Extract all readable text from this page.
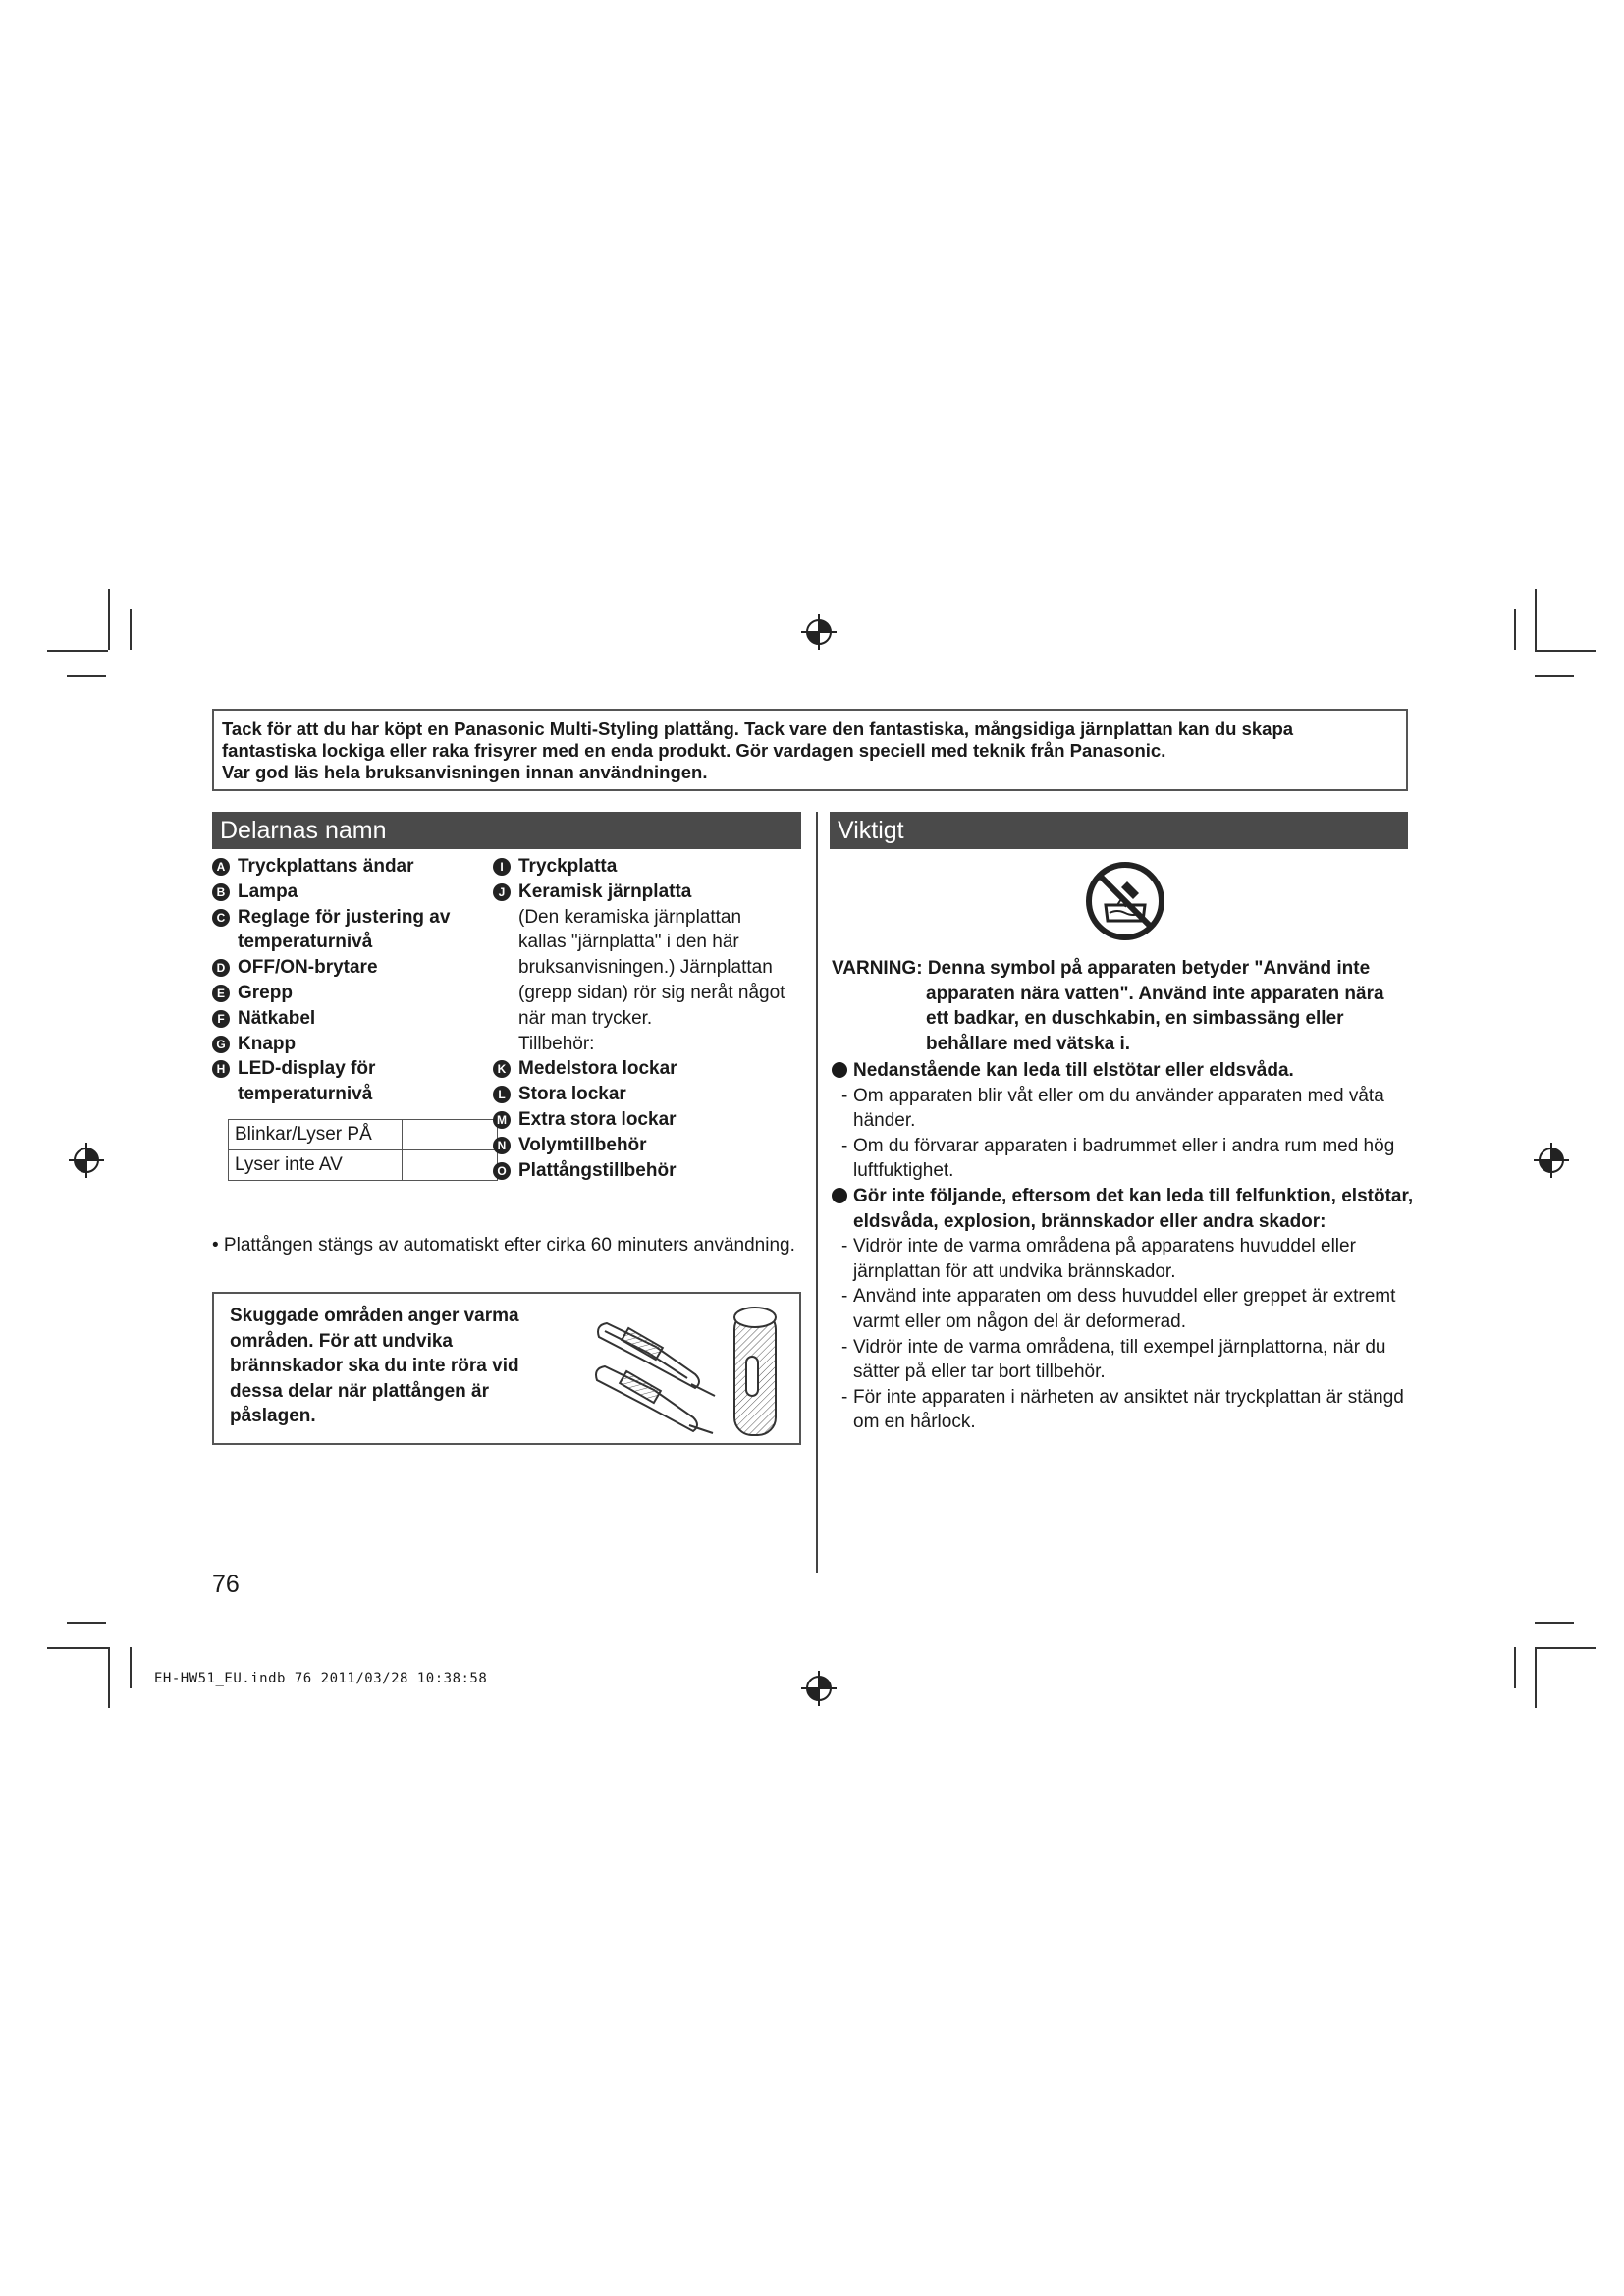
Tack för att du har köpt en Panasonic Multi-Styling plattång. Tack vare den fantastiska, mångsidiga järnplattan kan du skapa

fantastiska lockiga eller raka frisyrer med en enda produkt. Gör vardagen speciell med teknik från Panasonic.

Var god läs hela bruksanvisningen innan användningen.

Delarnas namn	Viktigt
A Tryckplattans ändar
B Lampa
C Reglage för justering av temperaturnivå
D OFF/ON-brytare
E Grepp
F Nätkabel
G Knapp
H LED-display för temperaturnivå
Blinkar/Lyser PÅ	
Lyser inte AV	
I Tryckplatta
J Keramisk järnplatta
(Den keramiska järnplattan kallas "järnplatta" i den här bruksanvisningen.) Järnplattan (grepp sidan) rör sig neråt något när man trycker.
Tillbehör:
K Medelstora lockar
L Stora lockar
M Extra stora lockar
N Volymtillbehör
O Plattångstillbehör
• Plattången stängs av automatiskt efter cirka 60 minuters användning.
Skuggade områden anger varma områden. För att undvika brännskador ska du inte röra vid dessa delar när plattången är påslagen.
VARNING: Denna symbol på apparaten betyder "Använd inte
apparaten nära vatten". Använd inte apparaten nära ett badkar, en duschkabin, en simbassäng eller behållare med vätska i.
Nedanstående kan leda till elstötar eller eldsvåda.
- Om apparaten blir våt eller om du använder apparaten med våta händer.
- Om du förvarar apparaten i badrummet eller i andra rum med hög luftfuktighet.
Gör inte följande, eftersom det kan leda till felfunktion, elstötar, eldsvåda, explosion, brännskador eller andra skador:
- Vidrör inte de varma områdena på apparatens huvuddel eller järnplattan för att undvika brännskador.
- Använd inte apparaten om dess huvuddel eller greppet är extremt varmt eller om någon del är deformerad.
- Vidrör inte de varma områdena, till exempel järnplattorna, när du sätter på eller tar bort tillbehör.
- För inte apparaten i närheten av ansiktet när tryckplattan är stängd om en hårlock.
76
EH-HW51_EU.indb 76 2011/03/28 10:38:58
